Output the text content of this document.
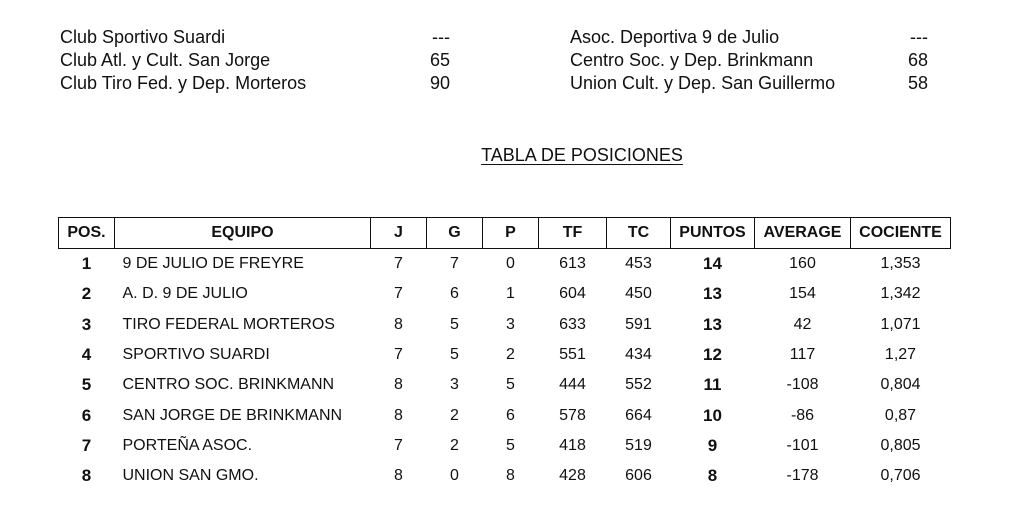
Club Sportivo Suardi	---
Club Atl. y Cult. San Jorge	65
Club Tiro Fed. y Dep. Morteros	90
Asoc. Deportiva 9 de Julio	---
Centro Soc. y Dep. Brinkmann	68
Union Cult. y Dep. San Guillermo	58
TABLA DE POSICIONES
POS.	EQUIPO	J	G	P	TF	TC	PUNTOS	AVERAGE	COCIENTE
1	9 DE JULIO DE FREYRE	7	7	0	613	453	14	160	1,353
2	A. D. 9 DE JULIO	7	6	1	604	450	13	154	1,342
3	TIRO FEDERAL MORTEROS	8	5	3	633	591	13	42	1,071
4	SPORTIVO SUARDI	7	5	2	551	434	12	117	1,27
5	CENTRO SOC. BRINKMANN	8	3	5	444	552	11	-108	0,804
6	SAN JORGE DE BRINKMANN	8	2	6	578	664	10	-86	0,87
7	PORTEÑA ASOC.	7	2	5	418	519	9	-101	0,805
8	UNION SAN GMO.	8	0	8	428	606	8	-178	0,706
